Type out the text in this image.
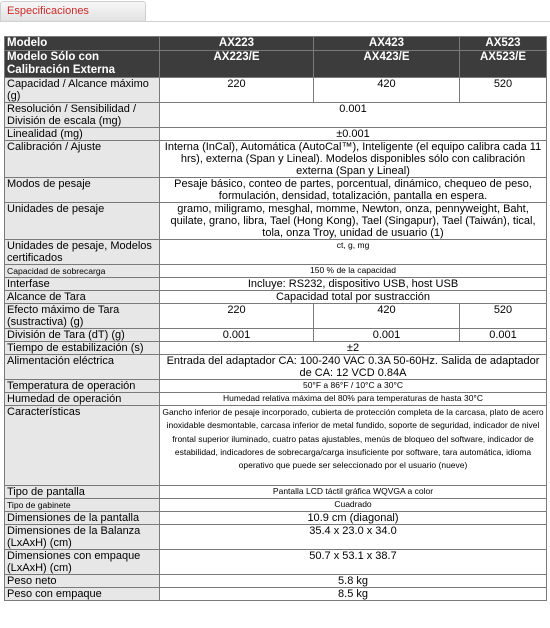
Especificaciones
Modelo	AX223	AX423	AX523
Modelo Sólo con Calibración Externa	AX223/E	AX423/E	AX523/E
Capacidad / Alcance máximo (g)	220	420	520
Resolución / Sensibilidad / División de escala (mg)	0.001		
Linealidad (mg)	±0.001		
Calibración / Ajuste	Interna (InCal), Automática (AutoCal™), Inteligente (el equipo calibra cada 11 hrs), externa (Span y Lineal). Modelos disponibles sólo con calibración externa (Span y Lineal)		
Modos de pesaje	Pesaje básico, conteo de partes, porcentual, dinámico, chequeo de peso, formulación, densidad, totalización, pantalla en espera.		
Unidades de pesaje	gramo, miligramo, mesghal, momme, Newton, onza, pennyweight, Baht, quilate, grano, libra, Tael (Hong Kong), Tael (Singapur), Tael (Taiwán), tical, tola, onza Troy, unidad de usuario (1)		
Unidades de pesaje, Modelos certificados	ct, g, mg		
Capacidad de sobrecarga	150 % de la capacidad		
Interfase	Incluye: RS232, dispositivo USB, host USB		
Alcance de Tara	Capacidad total por sustracción		
Efecto máximo de Tara (sustractiva) (g)	220	420	520
División de Tara (dT) (g)	0.001	0.001	0.001
Tiempo de estabilización (s)	±2		
Alimentación eléctrica	Entrada del adaptador CA: 100-240 VAC 0.3A 50-60Hz. Salida de adaptador de CA: 12 VCD 0.84A		
Temperatura de operación	50°F a 86°F / 10°C a 30°C		
Humedad de operación	Humedad relativa máxima del 80% para temperaturas de hasta 30°C		
Características	Gancho inferior de pesaje incorporado, cubierta de protección completa de la carcasa, plato de acero inoxidable desmontable, carcasa inferior de metal fundido, soporte de seguridad, indicador de nivel frontal superior iluminado, cuatro patas ajustables, menús de bloqueo del software, indicador de estabilidad, indicadores de sobrecarga/carga insuficiente por software, tara automática, idioma operativo que puede ser seleccionado por el usuario (nueve)		
Tipo de pantalla	Pantalla LCD táctil gráfica WQVGA a color		
Tipo de gabinete	Cuadrado		
Dimensiones de la pantalla	10.9 cm (diagonal)		
Dimensiones de la Balanza (LxAxH) (cm)	35.4 x 23.0 x 34.0		
Dimensiones con empaque (LxAxH) (cm)	50.7 x 53.1 x 38.7		
Peso neto	5.8 kg		
Peso con empaque	8.5 kg		
